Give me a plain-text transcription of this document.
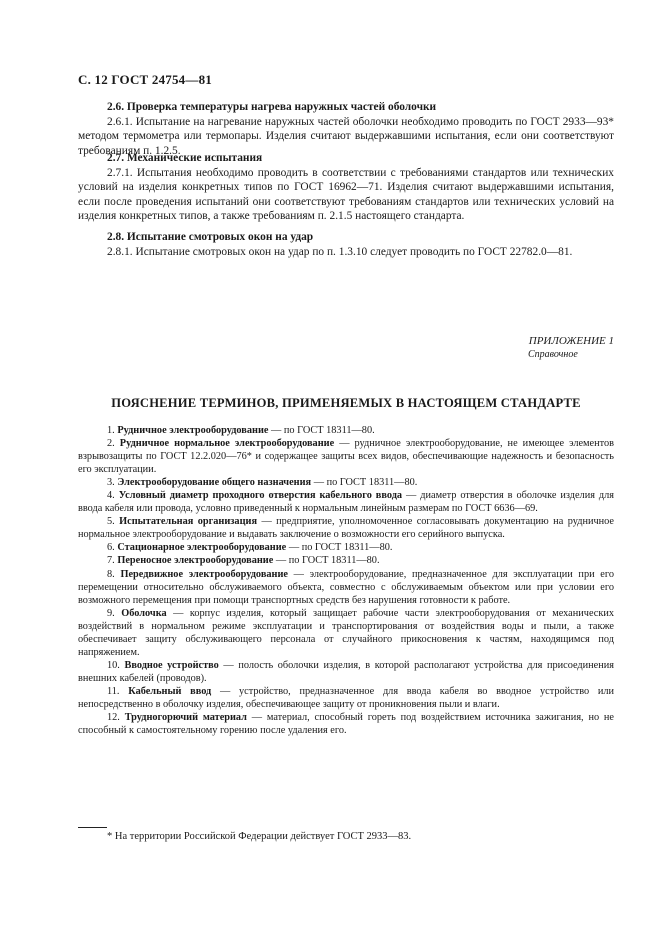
С. 12 ГОСТ 24754—81

2.6. Проверка температуры нагрева наружных частей оболочки

2.6.1. Испытание на нагревание наружных частей оболочки необходимо проводить по ГОСТ 2933—93* методом термометра или термопары. Изделия считают выдержавшими испытания, если они соответствуют требованиям п. 1.2.5.

2.7. Механические испытания

2.7.1. Испытания необходимо проводить в соответствии с требованиями стандартов или технических условий на изделия конкретных типов по ГОСТ 16962—71. Изделия считают выдержавшими испытания, если после проведения испытаний они соответствуют требованиям стандартов или технических условий на изделия конкретных типов, а также требованиям п. 2.1.5 настоящего стандарта.

2.8. Испытание смотровых окон на удар

2.8.1. Испытание смотровых окон на удар по п. 1.3.10 следует проводить по ГОСТ 22782.0—81.

ПРИЛОЖЕНИЕ 1
Справочное
ПОЯСНЕНИЕ ТЕРМИНОВ, ПРИМЕНЯЕМЫХ В НАСТОЯЩЕМ СТАНДАРТЕ

1. Рудничное электрооборудование — по ГОСТ 18311—80.

2. Рудничное нормальное электрооборудование — рудничное электрооборудование, не имеющее элементов взрывозащиты по ГОСТ 12.2.020—76* и содержащее защиты всех видов, обеспечивающие надежность и безопасность его эксплуатации.

3. Электрооборудование общего назначения — по ГОСТ 18311—80.

4. Условный диаметр проходного отверстия кабельного ввода — диаметр отверстия в оболочке изделия для ввода кабеля или провода, условно приведенный к нормальным линейным размерам по ГОСТ 6636—69.

5. Испытательная организация — предприятие, уполномоченное согласовывать документацию на рудничное нормальное электрооборудование и выдавать заключение о возможности его серийного выпуска.

6. Стационарное электрооборудование — по ГОСТ 18311—80.

7. Переносное электрооборудование — по ГОСТ 18311—80.

8. Передвижное электрооборудование — электрооборудование, предназначенное для эксплуатации при его перемещении относительно обслуживаемого объекта, совместно с обслуживаемым объектом или при условии его возможного перемещения при помощи транспортных средств без нарушения готовности к работе.

9. Оболочка — корпус изделия, который защищает рабочие части электрооборудования от механических воздействий в нормальном режиме эксплуатации и транспортирования от воздействия воды и пыли, а также обеспечивает защиту обслуживающего персонала от случайного прикосновения к частям, находящимся под напряжением.

10. Вводное устройство — полость оболочки изделия, в которой располагают устройства для присоединения внешних кабелей (проводов).

11. Кабельный ввод — устройство, предназначенное для ввода кабеля во вводное устройство или непосредственно в оболочку изделия, обеспечивающее защиту от проникновения пыли и влаги.

12. Трудногорючий материал — материал, способный гореть под воздействием источника зажигания, но не способный к самостоятельному горению после удаления его.

* На территории Российской Федерации действует ГОСТ 2933—83.
